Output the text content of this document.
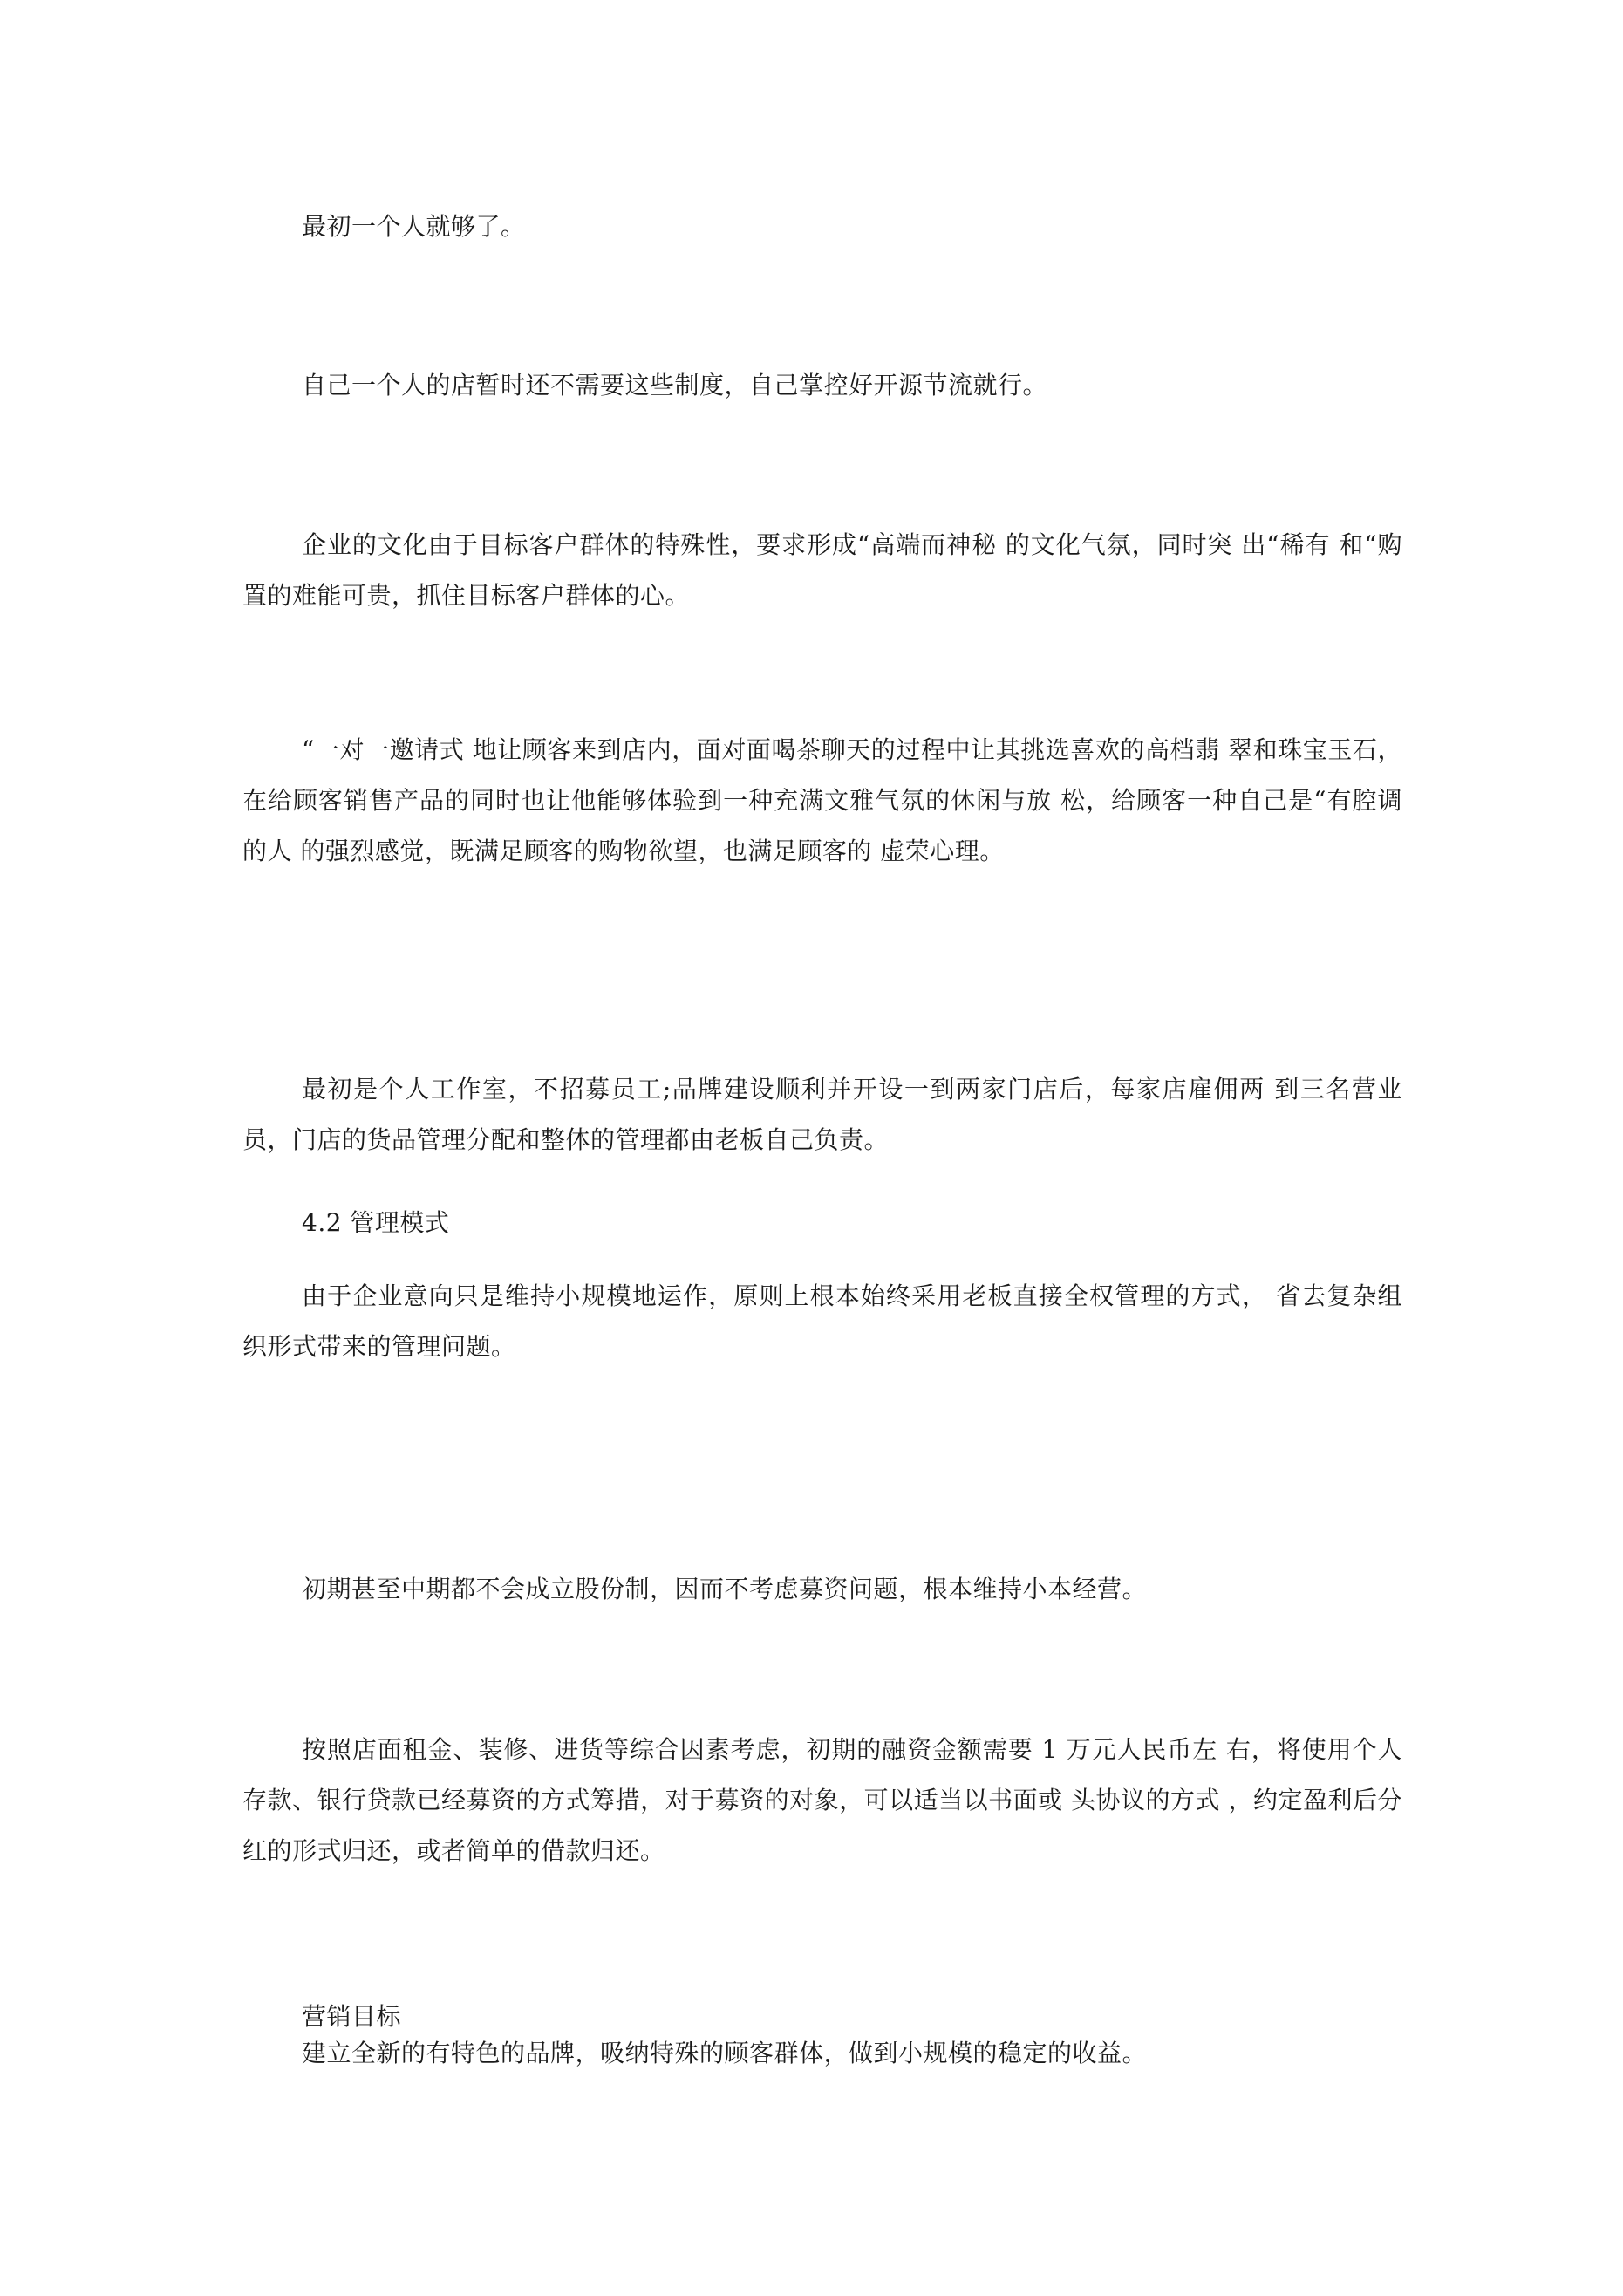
最初一个人就够了。

自己一个人的店暂时还不需要这些制度，自己掌控好开源节流就行。

企业的文化由于目标客户群体的特殊性，要求形成“高端而神秘 的文化气氛，同时突 出“稀有 和“购置的难能可贵，抓住目标客户群体的心。

“一对一邀请式 地让顾客来到店内，面对面喝茶聊天的过程中让其挑选喜欢的高档翡 翠和珠宝玉石，在给顾客销售产品的同时也让他能够体验到一种充满文雅气氛的休闲与放 松，给顾客一种自己是“有腔调的人 的强烈感觉，既满足顾客的购物欲望，也满足顾客的 虚荣心理。

最初是个人工作室，不招募员工;品牌建设顺利并开设一到两家门店后，每家店雇佣两 到三名营业员，门店的货品管理分配和整体的管理都由老板自己负责。

4.2 管理模式

由于企业意向只是维持小规模地运作，原则上根本始终采用老板直接全权管理的方式， 省去复杂组织形式带来的管理问题。

初期甚至中期都不会成立股份制，因而不考虑募资问题，根本维持小本经营。

按照店面租金、装修、进货等综合因素考虑，初期的融资金额需要 1 万元人民币左 右，将使用个人存款、银行贷款已经募资的方式筹措，对于募资的对象，可以适当以书面或 头协议的方式 ，约定盈利后分红的形式归还，或者简单的借款归还。

营销目标

建立全新的有特色的品牌，吸纳特殊的顾客群体，做到小规模的稳定的收益。
